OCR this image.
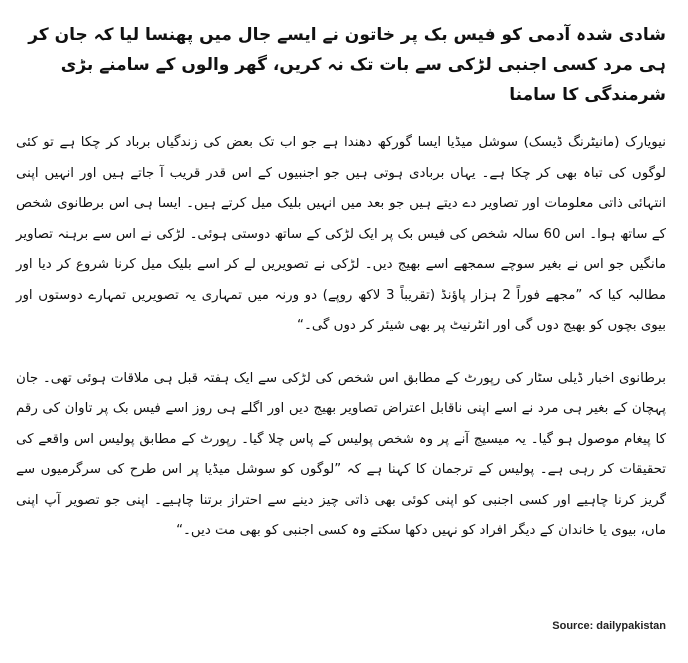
شادی شدہ آدمی کو فیس بک پر خاتون نے ایسے جال میں پھنسا لیا کہ جان کر ہی مرد کسی اجنبی لڑکی سے بات تک نہ کریں، گھر والوں کے سامنے بڑی شرمندگی کا سامنا

نیویارک (مانیٹرنگ ڈیسک) سوشل میڈیا ایسا گورکھ دھندا ہے جو اب تک بعض کی زندگیاں برباد کر چکا ہے تو کئی لوگوں کی تباہ بھی کر چکا ہے۔ یہاں بربادی ہوتی ہیں جو اجنبیوں کے اس قدر قریب آ جاتے ہیں اور انہیں اپنی انتہائی ذاتی معلومات اور تصاویر دے دیتے ہیں جو بعد میں انہیں بلیک میل کرتے ہیں۔ ایسا ہی اس برطانوی شخص کے ساتھ ہوا۔ اس 60 سالہ شخص کی فیس بک پر ایک لڑکی کے ساتھ دوستی ہوئی۔ لڑکی نے اس سے برہنہ تصاویر مانگیں جو اس نے بغیر سوچے سمجھے اسے بھیج دیں۔ لڑکی نے تصویریں لے کر اسے بلیک میل کرنا شروع کر دیا اور مطالبہ کیا کہ ”مجھے فوراً 2 ہزار پاؤنڈ (تقریباً 3 لاکھ روپے) دو ورنہ میں تمہاری یہ تصویریں تمہارے دوستوں اور بیوی بچوں کو بھیج دوں گی اور انٹرنیٹ پر بھی شیئر کر دوں گی۔“

برطانوی اخبار ڈیلی سٹار کی رپورٹ کے مطابق اس شخص کی لڑکی سے ایک ہفتہ قبل ہی ملاقات ہوئی تھی۔ جان پہچان کے بغیر ہی مرد نے اسے اپنی ناقابل اعتراض تصاویر بھیج دیں اور اگلے ہی روز اسے فیس بک پر تاوان کی رقم کا پیغام موصول ہو گیا۔ یہ میسیج آنے پر وہ شخص پولیس کے پاس چلا گیا۔ رپورٹ کے مطابق پولیس اس واقعے کی تحقیقات کر رہی ہے۔ پولیس کے ترجمان کا کہنا ہے کہ ”لوگوں کو سوشل میڈیا پر اس طرح کی سرگرمیوں سے گریز کرنا چاہیے اور کسی اجنبی کو اپنی کوئی بھی ذاتی چیز دینے سے احتراز برتنا چاہیے۔ اپنی جو تصویر آپ اپنی ماں، بیوی یا خاندان کے دیگر افراد کو نہیں دکھا سکتے وہ کسی اجنبی کو بھی مت دیں۔“

Source: dailypakistan
